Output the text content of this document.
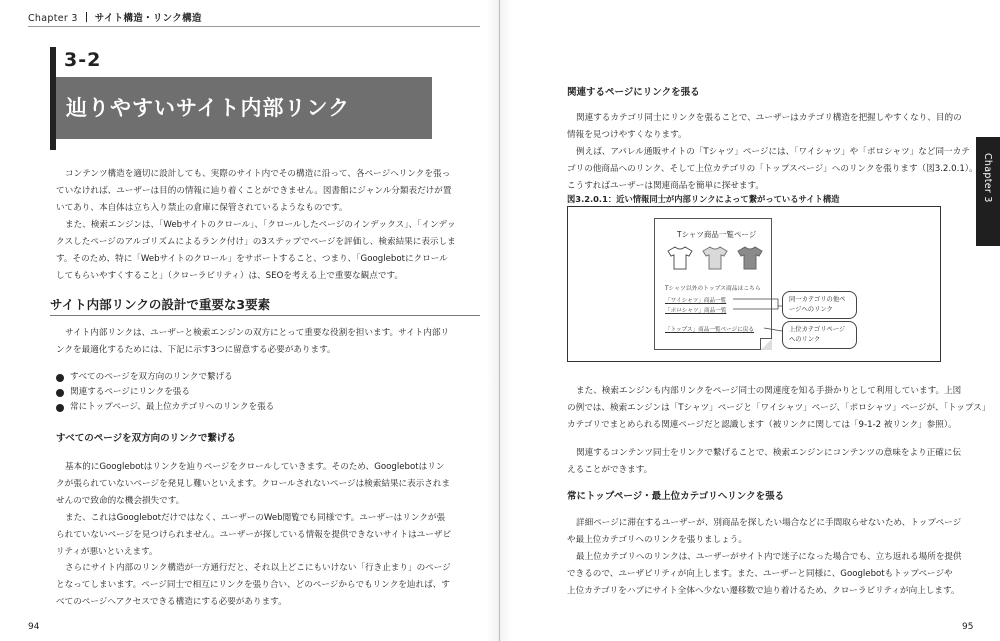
Chapter 3 サイト構造・リンク構造
3-2
辿りやすいサイト内部リンク
コンテンツ構造を適切に設計しても、実際のサイト内でその構造に沿って、各ページへリンクを張っ
ていなければ、ユーザーは目的の情報に辿り着くことができません。図書館にジャンル分類表だけが置
いてあり、本自体は立ち入り禁止の倉庫に保管されているようなものです。
また、検索エンジンは、「Webサイトのクロール」、「クロールしたページのインデックス」、「インデッ
クスしたページのアルゴリズムによるランク付け」の3ステップでページを評価し、検索結果に表示しま
す。そのため、特に「Webサイトのクロール」をサポートすること、つまり、「Googlebotにクロール
してもらいやすくすること」（クローラビリティ）は、SEOを考える上で重要な観点です。
サイト内部リンクの設計で重要な3要素
サイト内部リンクは、ユーザーと検索エンジンの双方にとって重要な役割を担います。サイト内部リ
ンクを最適化するためには、下記に示す3つに留意する必要があります。
すべてのページを双方向のリンクで繋げる
関連するページにリンクを張る
常にトップページ、最上位カテゴリへのリンクを張る
すべてのページを双方向のリンクで繋げる
基本的にGooglebotはリンクを辿りページをクロールしていきます。そのため、Googlebotはリン
クが張られていないページを発見し難いといえます。クロールされないページは検索結果に表示されま
せんので致命的な機会損失です。
また、これはGooglebotだけではなく、ユーザーのWeb閲覧でも同様です。ユーザーはリンクが張
られていないページを見つけられません。ユーザーが探している情報を提供できないサイトはユーザビ
リティが悪いといえます。
さらにサイト内部のリンク構造が一方通行だと、それ以上どこにもいけない「行き止まり」のページ
となってしまいます。ページ同士で相互にリンクを張り合い、どのページからでもリンクを辿れば、す
べてのページへアクセスできる構造にする必要があります。
94
Chapter 3
関連するページにリンクを張る
関連するカテゴリ同士にリンクを張ることで、ユーザーはカテゴリ構造を把握しやすくなり、目的の
情報を見つけやすくなります。
例えば、アパレル通販サイトの「Tシャツ」ページには、「ワイシャツ」や「ポロシャツ」など同一カテ
ゴリの他商品へのリンク、そして上位カテゴリの「トップスページ」へのリンクを張ります（図3.2.0.1）。
こうすればユーザーは関連商品を簡単に探せます。
図3.2.0.1：近い情報同士が内部リンクによって繋がっているサイト構造
Tシャツ商品一覧ページ
Tシャツ以外のトップス商品はこちら
「ワイシャツ」商品一覧
「ポロシャツ」商品一覧
「トップス」商品一覧ページに戻る
同一カテゴリの他ページへのリンク
上位カテゴリページへのリンク
また、検索エンジンも内部リンクをページ同士の関連度を知る手掛かりとして利用しています。上図
の例では、検索エンジンは「Tシャツ」ページと「ワイシャツ」ページ、「ポロシャツ」ページが、「トップス」
カテゴリでまとめられる関連ページだと認識します（被リンクに関しては「9-1-2 被リンク」参照）。
関連するコンテンツ同士をリンクで繋げることで、検索エンジンにコンテンツの意味をより正確に伝
えることができます。
常にトップページ・最上位カテゴリへリンクを張る
詳細ページに滞在するユーザーが、別商品を探したい場合などに手間取らせないため、トップページ
や最上位カテゴリへのリンクを張りましょう。
最上位カテゴリへのリンクは、ユーザーがサイト内で迷子になった場合でも、立ち返れる場所を提供
できるので、ユーザビリティが向上します。また、ユーザーと同様に、Googlebotもトップページや
上位カテゴリをハブにサイト全体へ少ない遷移数で辿り着けるため、クローラビリティが向上します。
95
